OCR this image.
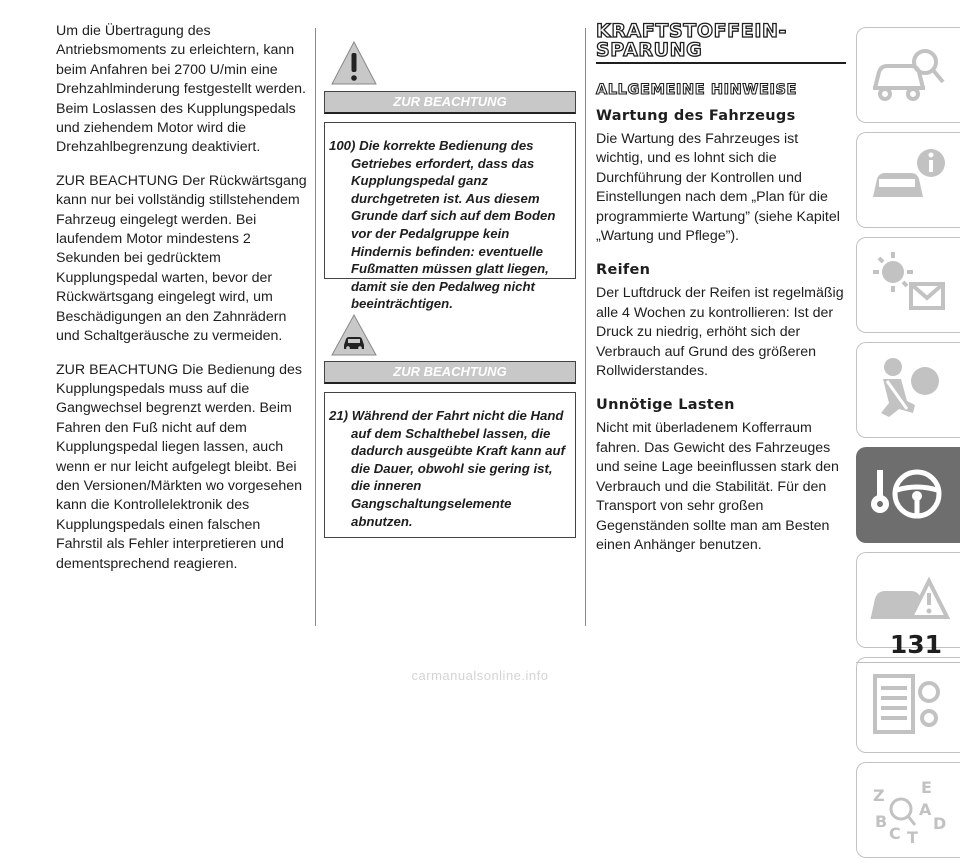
Um die Übertragung des Antriebsmoments zu erleichtern, kann beim Anfahren bei 2700 U/min eine Drehzahlminderung festgestellt werden. Beim Loslassen des Kupplungspedals und ziehendem Motor wird die Drehzahlbegrenzung deaktiviert.

ZUR BEACHTUNG Der Rückwärtsgang kann nur bei vollständig stillstehendem Fahrzeug eingelegt werden. Bei laufendem Motor mindestens 2 Sekunden bei gedrücktem Kupplungspedal warten, bevor der Rückwärtsgang eingelegt wird, um Beschädigungen an den Zahnrädern und Schaltgeräusche zu vermeiden.

ZUR BEACHTUNG Die Bedienung des Kupplungspedals muss auf die Gangwechsel begrenzt werden. Beim Fahren den Fuß nicht auf dem Kupplungspedal liegen lassen, auch wenn er nur leicht aufgelegt bleibt. Bei den Versionen/Märkten wo vorgesehen kann die Kontrollelektronik des Kupplungspedals einen falschen Fahrstil als Fehler interpretieren und dementsprechend reagieren.

ZUR BEACHTUNG
100) Die korrekte Bedienung des Getriebes erfordert, dass das Kupplungspedal ganz durchgetreten ist. Aus diesem Grunde darf sich auf dem Boden vor der Pedalgruppe kein Hindernis befinden: eventuelle Fußmatten müssen glatt liegen, damit sie den Pedalweg nicht beeinträchtigen.
ZUR BEACHTUNG
21) Während der Fahrt nicht die Hand auf dem Schalthebel lassen, die dadurch ausgeübte Kraft kann auf die Dauer, obwohl sie gering ist, die inneren Gangschaltungselemente abnutzen.
KRAFTSTOFFEIN-
SPARUNG
ALLGEMEINE HINWEISE
Wartung des Fahrzeugs

Die Wartung des Fahrzeuges ist wichtig, und es lohnt sich die Durchführung der Kontrollen und Einstellungen nach dem „Plan für die programmierte Wartung” (siehe Kapitel „Wartung und Pflege”).

Reifen

Der Luftdruck der Reifen ist regelmäßig alle 4 Wochen zu kontrollieren: Ist der Druck zu niedrig, erhöht sich der Verbrauch auf Grund des größeren Rollwiderstandes.

Unnötige Lasten

Nicht mit überladenem Kofferraum fahren. Das Gewicht des Fahrzeuges und seine Lage beeinflussen stark den Verbrauch und die Stabilität. Für den Transport von sehr großen Gegenständen sollte man am Besten einen Anhänger benutzen.

Z E
A
B
C T
D
131
carmanualsonline.info
